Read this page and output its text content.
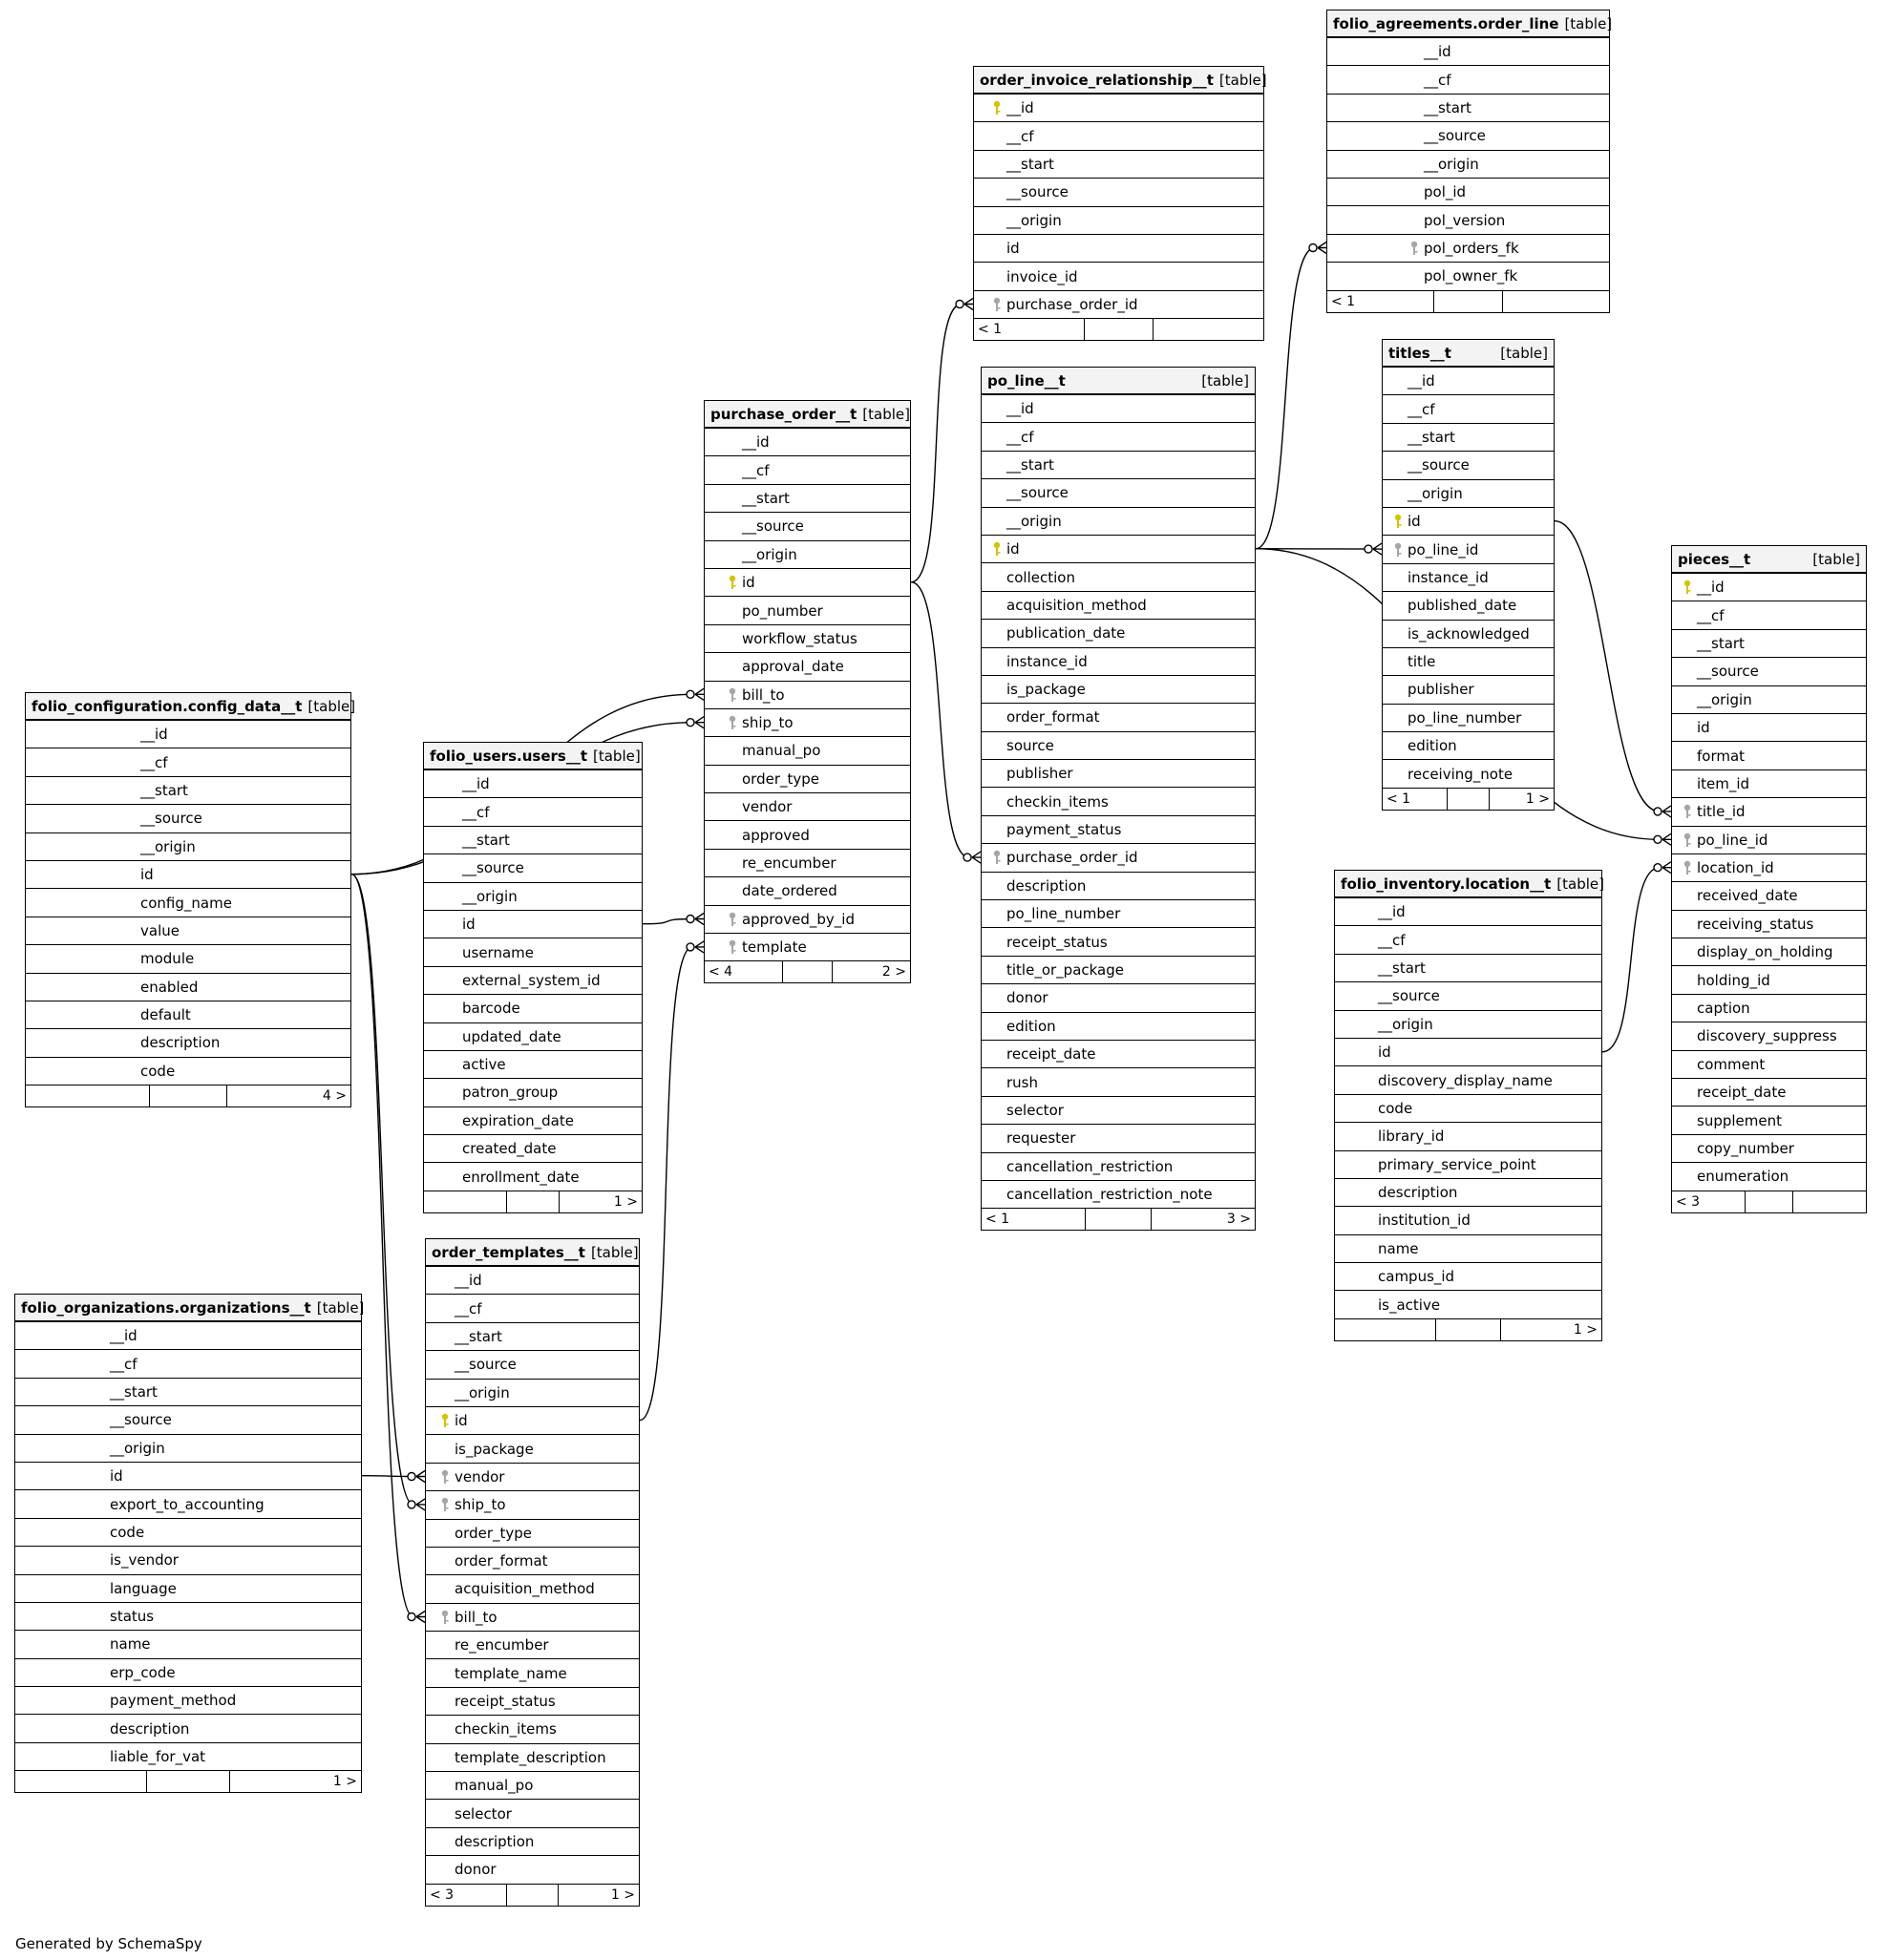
order_invoice_relationship__t [table]
__id
__cf
__start
__source
__origin
id
invoice_id
purchase_order_id
< 1
folio_agreements.order_line [table]
__id
__cf
__start
__source
__origin
pol_id
pol_version
pol_orders_fk
pol_owner_fk
< 1
po_line__t	[table]
__id
__cf
__start
__source
__origin
id
collection
acquisition_method
publication_date
instance_id
is_package
order_format
source
publisher
checkin_items
payment_status
purchase_order_id
description
po_line_number
receipt_status
title_or_package
donor
edition
receipt_date
rush
selector
requester
cancellation_restriction
cancellation_restriction_note
< 1	3 >
titles__t	[table]
__id
__cf
__start
__source
__origin
id
po_line_id
instance_id
published_date
is_acknowledged
title
publisher
po_line_number
edition
receiving_note
< 1	1 >
purchase_order__t [table]
__id
__cf
__start
__source
__origin
id
po_number
workflow_status
approval_date
bill_to
ship_to
manual_po
order_type
vendor
approved
re_encumber
date_ordered
approved_by_id
template
< 4	2 >
pieces__t	[table]
__id
__cf
__start
__source
__origin
id
format
item_id
title_id
po_line_id
location_id
received_date
receiving_status
display_on_holding
holding_id
caption
discovery_suppress
comment
receipt_date
supplement
copy_number
enumeration
< 3
folio_configuration.config_data__t [table]
__id
__cf
__start
__source
__origin
id
config_name
value
module
enabled
default
description
code
4 >
folio_users.users__t [table]
__id
__cf
__start
__source
__origin
id
username
external_system_id
barcode
updated_date
active
patron_group
expiration_date
created_date
enrollment_date
1 >
folio_inventory.location__t [table]
__id
__cf
__start
__source
__origin
id
discovery_display_name
code
library_id
primary_service_point
description
institution_id
name
campus_id
is_active
1 >
folio_organizations.organizations__t [table]
__id
__cf
__start
__source
__origin
id
export_to_accounting
code
is_vendor
language
status
name
erp_code
payment_method
description
liable_for_vat
1 >
order_templates__t [table]
__id
__cf
__start
__source
__origin
id
is_package
vendor
ship_to
order_type
order_format
acquisition_method
bill_to
re_encumber
template_name
receipt_status
checkin_items
template_description
manual_po
selector
description
donor
< 3	1 >
Generated by SchemaSpy
